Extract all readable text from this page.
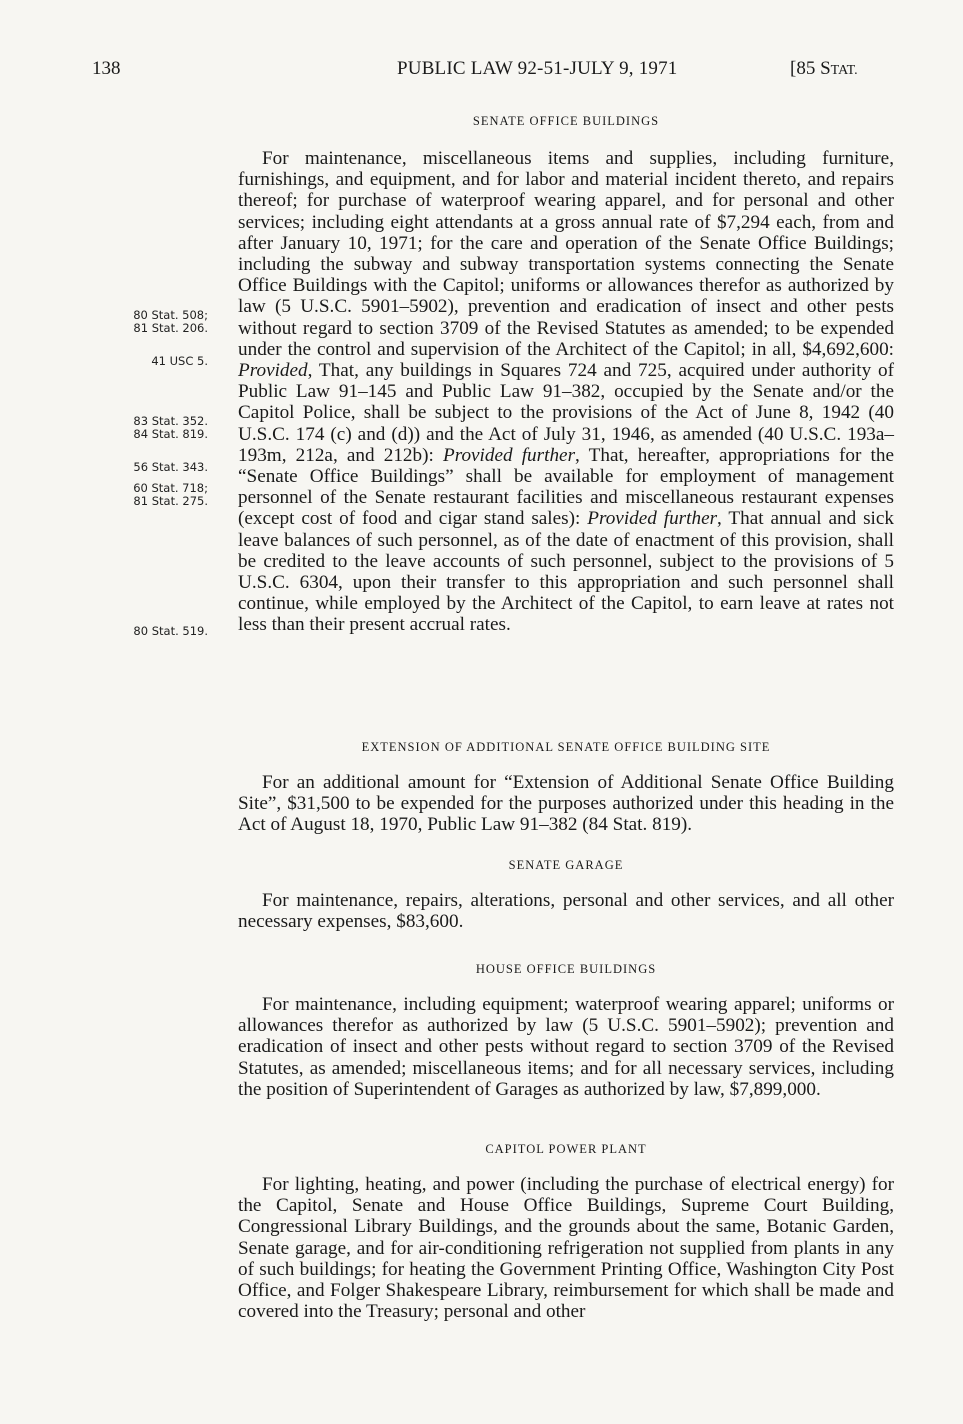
138	PUBLIC LAW 92-51-JULY 9, 1971	[85 STAT.
SENATE OFFICE BUILDINGS

For maintenance, miscellaneous items and supplies, including furniture, furnishings, and equipment, and for labor and material incident thereto, and repairs thereof; for purchase of waterproof wearing apparel, and for personal and other services; including eight attendants at a gross annual rate of $7,294 each, from and after January 10, 1971; for the care and operation of the Senate Office Buildings; including the subway and subway transportation systems connecting the Senate Office Buildings with the Capitol; uniforms or allowances therefor as authorized by law (5 U.S.C. 5901–5902), prevention and eradication of insect and other pests without regard to section 3709 of the Revised Statutes as amended; to be expended under the control and supervision of the Architect of the Capitol; in all, $4,692,600: Provided, That, any buildings in Squares 724 and 725, acquired under authority of Public Law 91–145 and Public Law 91–382, occupied by the Senate and/or the Capitol Police, shall be subject to the provisions of the Act of June 8, 1942 (40 U.S.C. 174 (c) and (d)) and the Act of July 31, 1946, as amended (40 U.S.C. 193a–193m, 212a, and 212b): Provided further, That, hereafter, appropriations for the “Senate Office Buildings” shall be available for employment of management personnel of the Senate restaurant facilities and miscellaneous restaurant expenses (except cost of food and cigar stand sales): Provided further, That annual and sick leave balances of such personnel, as of the date of enactment of this provision, shall be credited to the leave accounts of such personnel, subject to the provisions of 5 U.S.C. 6304, upon their transfer to this appropriation and such personnel shall continue, while employed by the Architect of the Capitol, to earn leave at rates not less than their present accrual rates.

EXTENSION OF ADDITIONAL SENATE OFFICE BUILDING SITE

For an additional amount for “Extension of Additional Senate Office Building Site”, $31,500 to be expended for the purposes authorized under this heading in the Act of August 18, 1970, Public Law 91–382 (84 Stat. 819).

SENATE GARAGE

For maintenance, repairs, alterations, personal and other services, and all other necessary expenses, $83,600.

HOUSE OFFICE BUILDINGS

For maintenance, including equipment; waterproof wearing apparel; uniforms or allowances therefor as authorized by law (5 U.S.C. 5901–5902); prevention and eradication of insect and other pests without regard to section 3709 of the Revised Statutes, as amended; miscellaneous items; and for all necessary services, including the position of Superintendent of Garages as authorized by law, $7,899,000.

CAPITOL POWER PLANT

For lighting, heating, and power (including the purchase of electrical energy) for the Capitol, Senate and House Office Buildings, Supreme Court Building, Congressional Library Buildings, and the grounds about the same, Botanic Garden, Senate garage, and for air-conditioning refrigeration not supplied from plants in any of such buildings; for heating the Government Printing Office, Washington City Post Office, and Folger Shakespeare Library, reimbursement for which shall be made and covered into the Treasury; personal and other

80 Stat. 508;
81 Stat. 206.
41 USC 5.
83 Stat. 352.
84 Stat. 819.
56 Stat. 343.
60 Stat. 718;
81 Stat. 275.
80 Stat. 519.
